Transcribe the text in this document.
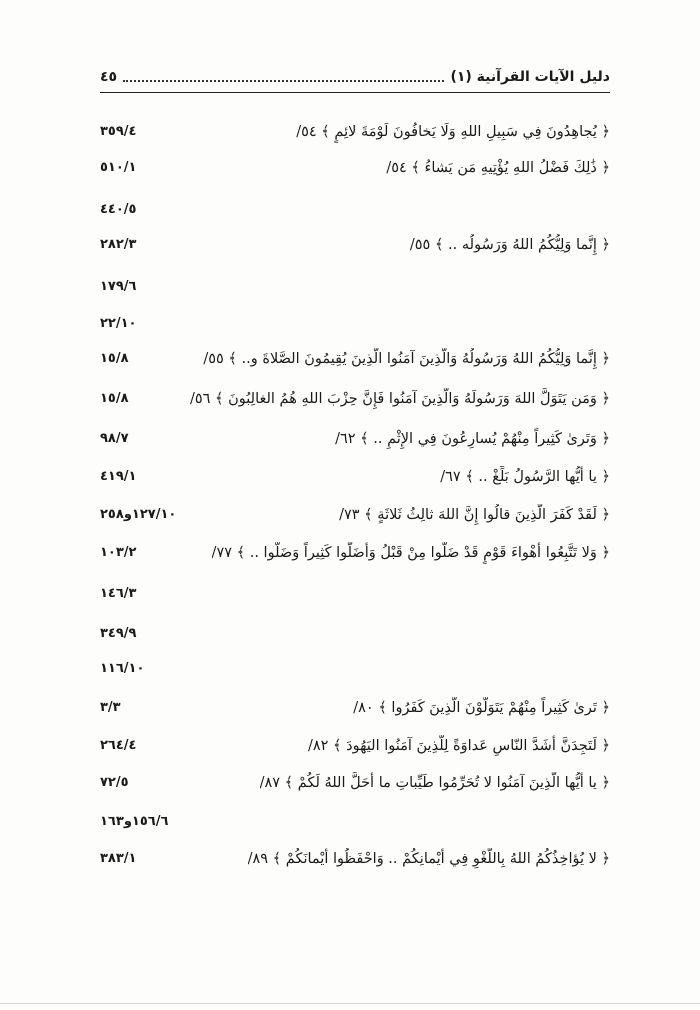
دليل الآيات القرآنية (١)
٤٥
﴿ يُجاهِدُونَ فِي سَبِيلِ اللهِ وَلَا يَخافُونَ لَوْمَةَ لائِمٍ ﴾ ٥٤/
٣٥٩/٤
﴿ ذَٰلِكَ فَضْلُ اللهِ يُؤْتِيهِ مَن يَشاءُ ﴾ ٥٤/
٥١٠/١
٤٤٠/٥
﴿ إِنَّما وَلِيُّكُمُ اللهُ وَرَسُولُه .. ﴾ ٥٥/
٢٨٢/٣
١٧٩/٦
٢٢/١٠
﴿ إِنَّما وَلِيُّكُمُ اللهُ وَرَسُولُهُ وَالَّذِينَ آمَنُوا الَّذِينَ يُقِيمُونَ الصَّلاةَ و.. ﴾ ٥٥/
١٥/٨
﴿ وَمَن يَتَوَلَّ اللهَ وَرَسُولَهُ وَالَّذِينَ آمَنُوا فَإِنَّ حِزْبَ اللهِ هُمُ الغالِبُونَ ﴾ ٥٦/
١٥/٨
﴿ وَتَرىٰ كَثِيراً مِنْهُمْ يُسارِعُونَ فِي الإِثْمِ .. ﴾ ٦٢/
٩٨/٧
﴿ يا أَيُّها الرَّسُولُ بَلِّغْ .. ﴾ ٦٧/
٤١٩/١
﴿ لَقَدْ كَفَرَ الَّذِينَ قالُوا إِنَّ اللهَ ثالِثُ ثَلاثَةٍ ﴾ ٧٣/
١٢٧/١٠و٢٥٨
﴿ وَلا تَتَّبِعُوا أَهْواءَ قَوْمٍ قَدْ ضَلُّوا مِنْ قَبْلُ وَأَضَلُّوا كَثِيراً وَضَلُّوا .. ﴾ ٧٧/
١٠٣/٢
١٤٦/٣
٣٤٩/٩
١١٦/١٠
﴿ تَرىٰ كَثِيراً مِنْهُمْ يَتَوَلَّوْنَ الَّذِينَ كَفَرُوا ﴾ ٨٠/
٣/٣
﴿ لَتَجِدَنَّ أَشَدَّ النّاسِ عَداوَةً لِلَّذِينَ آمَنُوا اليَهُودَ ﴾ ٨٢/
٢٦٤/٤
﴿ يا أَيُّها الَّذِينَ آمَنُوا لا تُحَرِّمُوا طَيِّباتِ ما أَحَلَّ اللهُ لَكُمْ ﴾ ٨٧/
٧٢/٥
١٥٦/٦و١٦٣
﴿ لا يُؤاخِذُكُمُ اللهُ بِاللَّغْوِ فِي أَيْمانِكُمْ .. وَاحْفَظُوا أَيْمانَكُمْ ﴾ ٨٩/
٣٨٣/١
